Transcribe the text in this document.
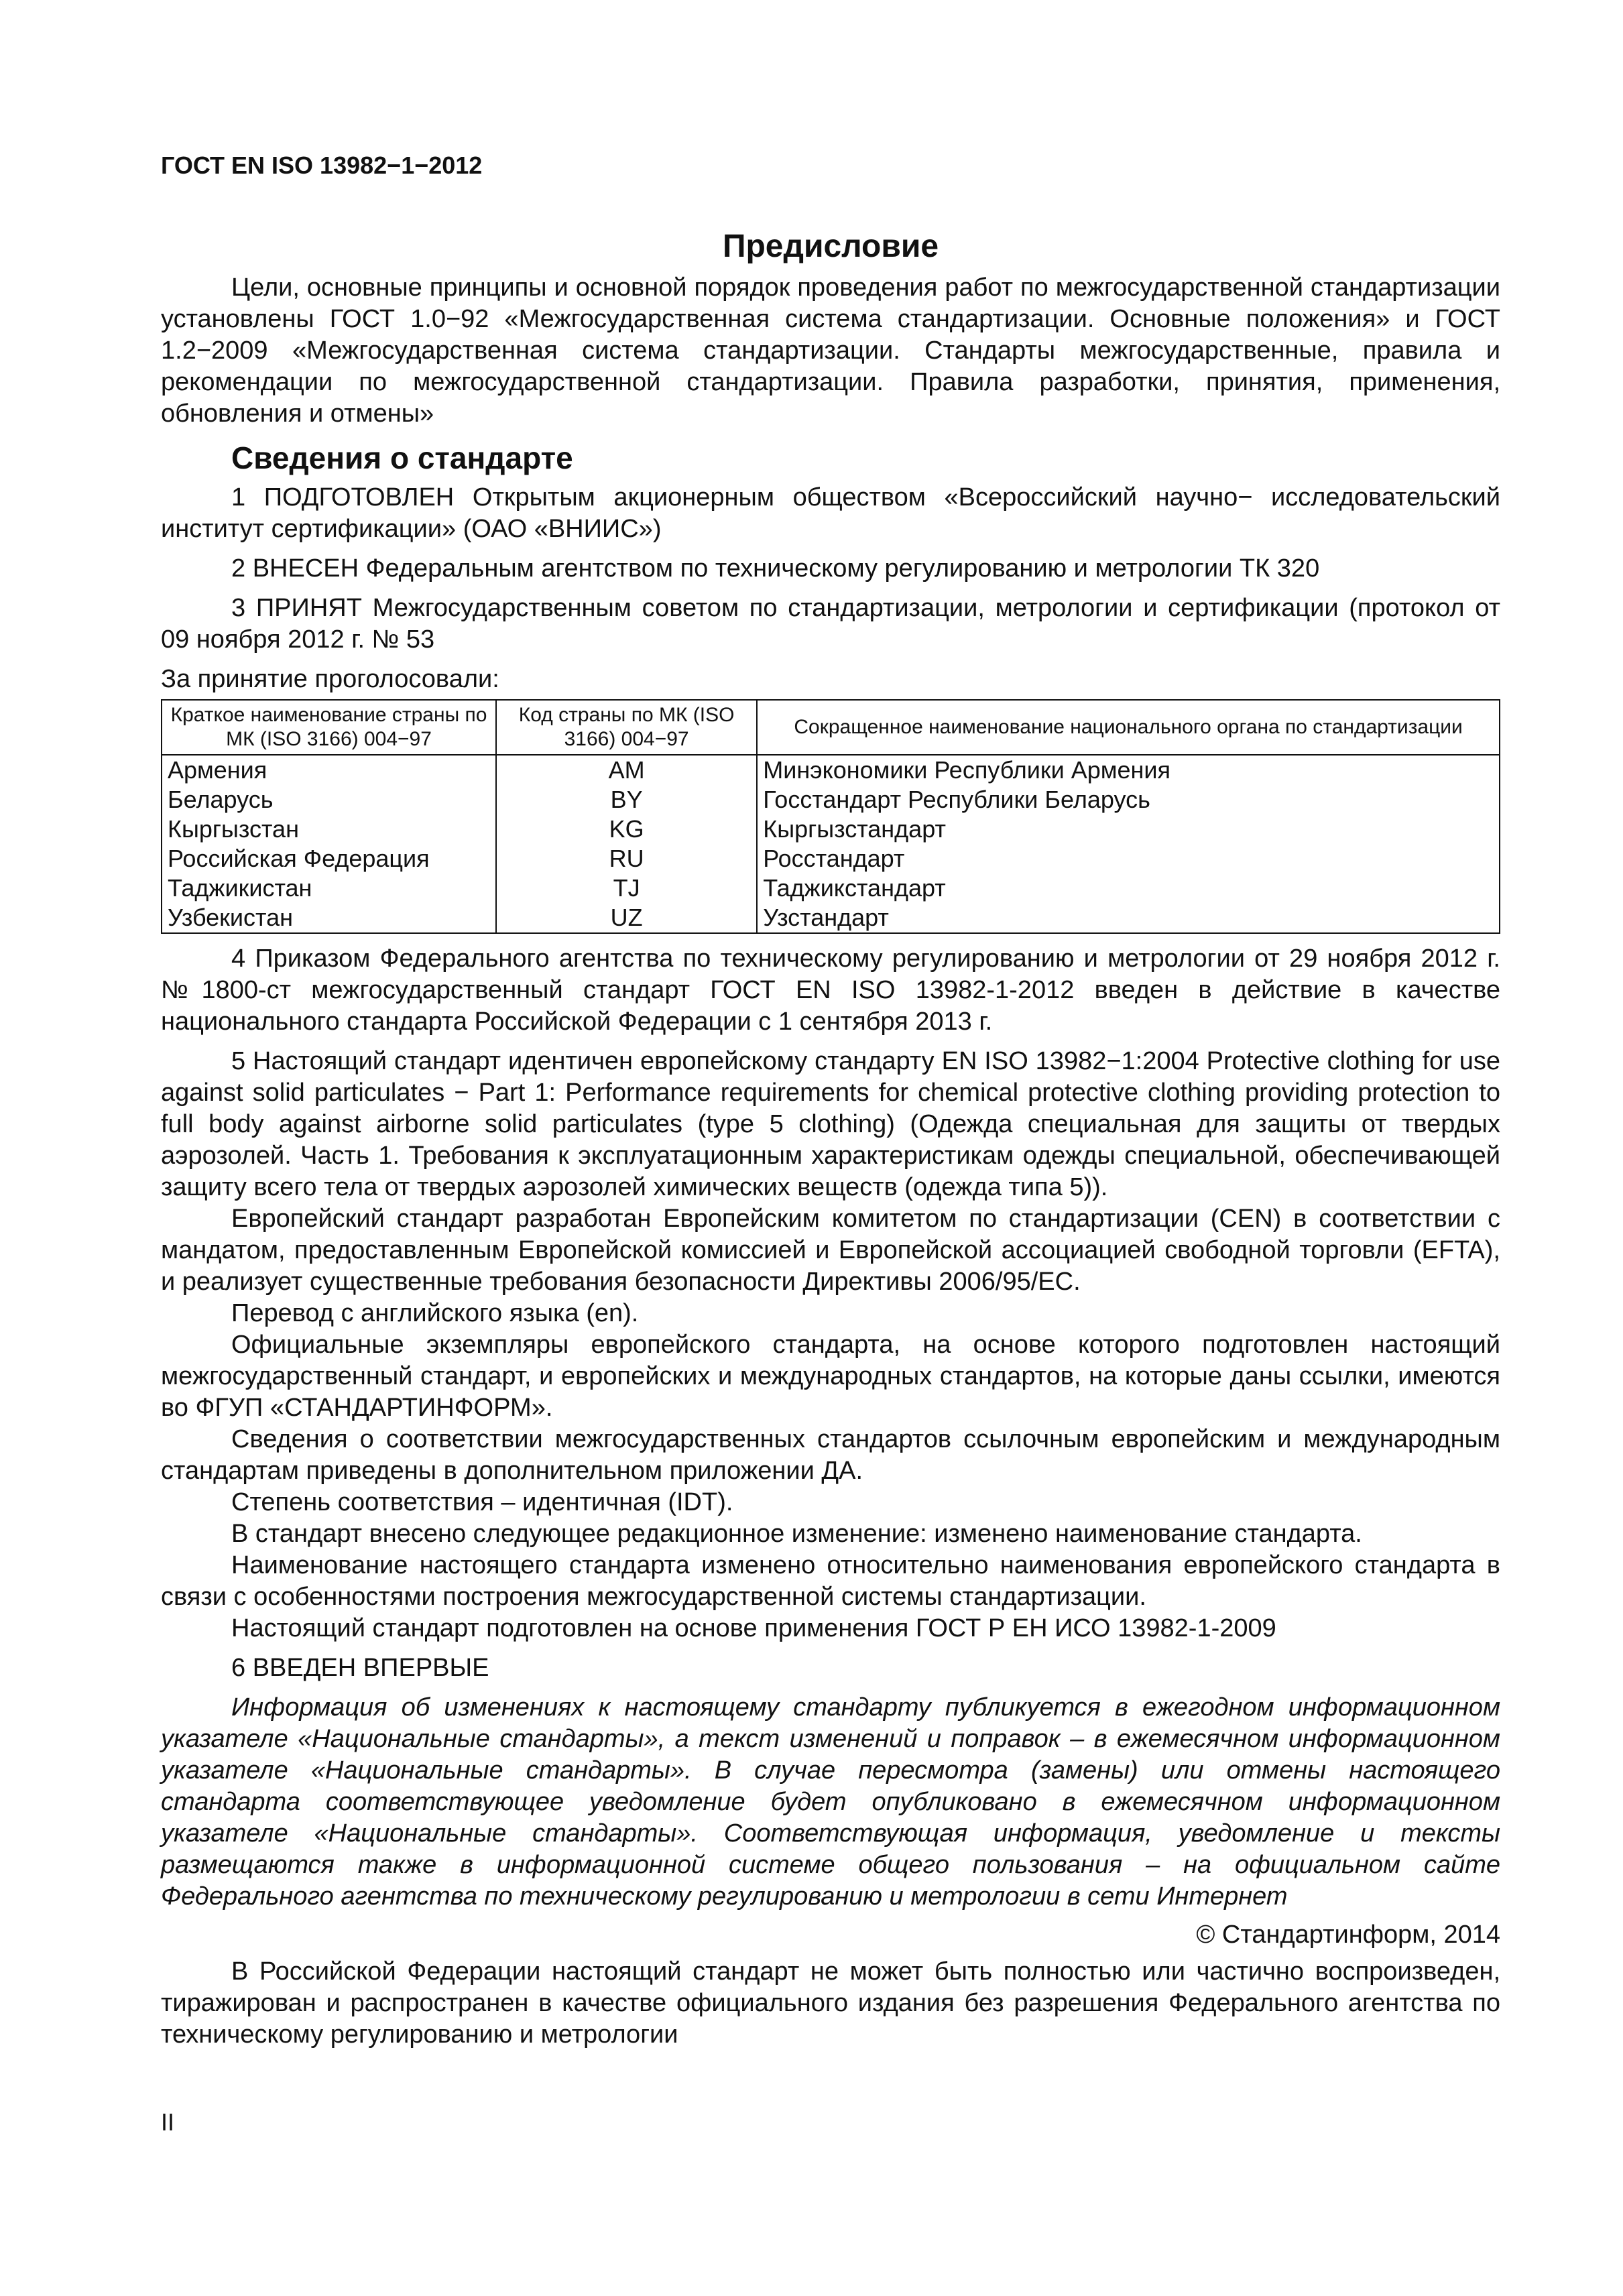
ГОСТ EN ISO 13982−1−2012
Предисловие

Цели, основные принципы и основной порядок проведения работ по межгосударственной стандартизации установлены ГОСТ 1.0−92 «Межгосударственная система стандартизации. Основные положения» и ГОСТ 1.2−2009 «Межгосударственная система стандартизации. Стандарты межгосударственные, правила и рекомендации по межгосударственной стандартизации. Правила разработки, принятия, применения, обновления и отмены»

Сведения о стандарте

1 ПОДГОТОВЛЕН Открытым акционерным обществом «Всероссийский научно− исследовательский институт сертификации» (ОАО «ВНИИС»)

2 ВНЕСЕН Федеральным агентством по техническому регулированию и метрологии ТК 320

3 ПРИНЯТ Межгосударственным советом по стандартизации, метрологии и сертификации (протокол от 09 ноября 2012 г. № 53

За принятие проголосовали:

Краткое наименование страны по МК (ISO 3166) 004−97	Код страны по МК (ISO 3166) 004−97	Сокращенное наименование национального органа по стандартизации
Армения	AM	Минэкономики Республики Армения
Беларусь	BY	Госстандарт Республики Беларусь
Кыргызстан	KG	Кыргызстандарт
Российская Федерация	RU	Росстандарт
Таджикистан	TJ	Таджикстандарт
Узбекистан	UZ	Узстандарт

4 Приказом Федерального агентства по техническому регулированию и метрологии от 29 ноября 2012 г. №1800-ст межгосударственный стандарт ГОСТ EN ISO 13982-1-2012 введен в действие в качестве национального стандарта Российской Федерации с 1 сентября 2013 г.

5 Настоящий стандарт идентичен европейскому стандарту EN ISO 13982−1:2004 Protective clothing for use against solid particulates − Part 1: Performance requirements for chemical protective clothing providing protection to full body against airborne solid particulates (type 5 clothing) (Одежда специальная для защиты от твердых аэрозолей. Часть 1. Требования к эксплуатационным характеристикам одежды специальной, обеспечивающей защиту всего тела от твердых аэрозолей химических веществ (одежда типа 5)).

Европейский стандарт разработан Европейским комитетом по стандартизации (CEN) в соответствии с мандатом, предоставленным Европейской комиссией и Европейской ассоциацией свободной торговли (EFTA), и реализует существенные требования безопасности Директивы 2006/95/EC.

Перевод с английского языка (en).

Официальные экземпляры европейского стандарта, на основе которого подготовлен настоящий межгосударственный стандарт, и европейских и международных стандартов, на которые даны ссылки, имеются во ФГУП «СТАНДАРТИНФОРМ».

Сведения о соответствии межгосударственных стандартов ссылочным европейским и международным стандартам приведены в дополнительном приложении ДА.

Степень соответствия – идентичная (IDT).

В стандарт внесено следующее редакционное изменение: изменено наименование стандарта.

Наименование настоящего стандарта изменено относительно наименования европейского стандарта в связи с особенностями построения межгосударственной системы стандартизации.

Настоящий стандарт подготовлен на основе применения ГОСТ Р ЕН ИСО 13982-1-2009

6 ВВЕДЕН ВПЕРВЫЕ

Информация об изменениях к настоящему стандарту публикуется в ежегодном информационном указателе «Национальные стандарты», а текст изменений и поправок – в ежемесячном информационном указателе «Национальные стандарты». В случае пересмотра (замены) или отмены настоящего стандарта соответствующее уведомление будет опубликовано в ежемесячном информационном указателе «Национальные стандарты». Соответствующая информация, уведомление и тексты размещаются также в информационной системе общего пользования – на официальном сайте Федерального агентства по техническому регулированию и метрологии в сети Интернет

© Стандартинформ, 2014

В Российской Федерации настоящий стандарт не может быть полностью или частично воспроизведен, тиражирован и распространен в качестве официального издания без разрешения Федерального агентства по техническому регулированию и метрологии

II
